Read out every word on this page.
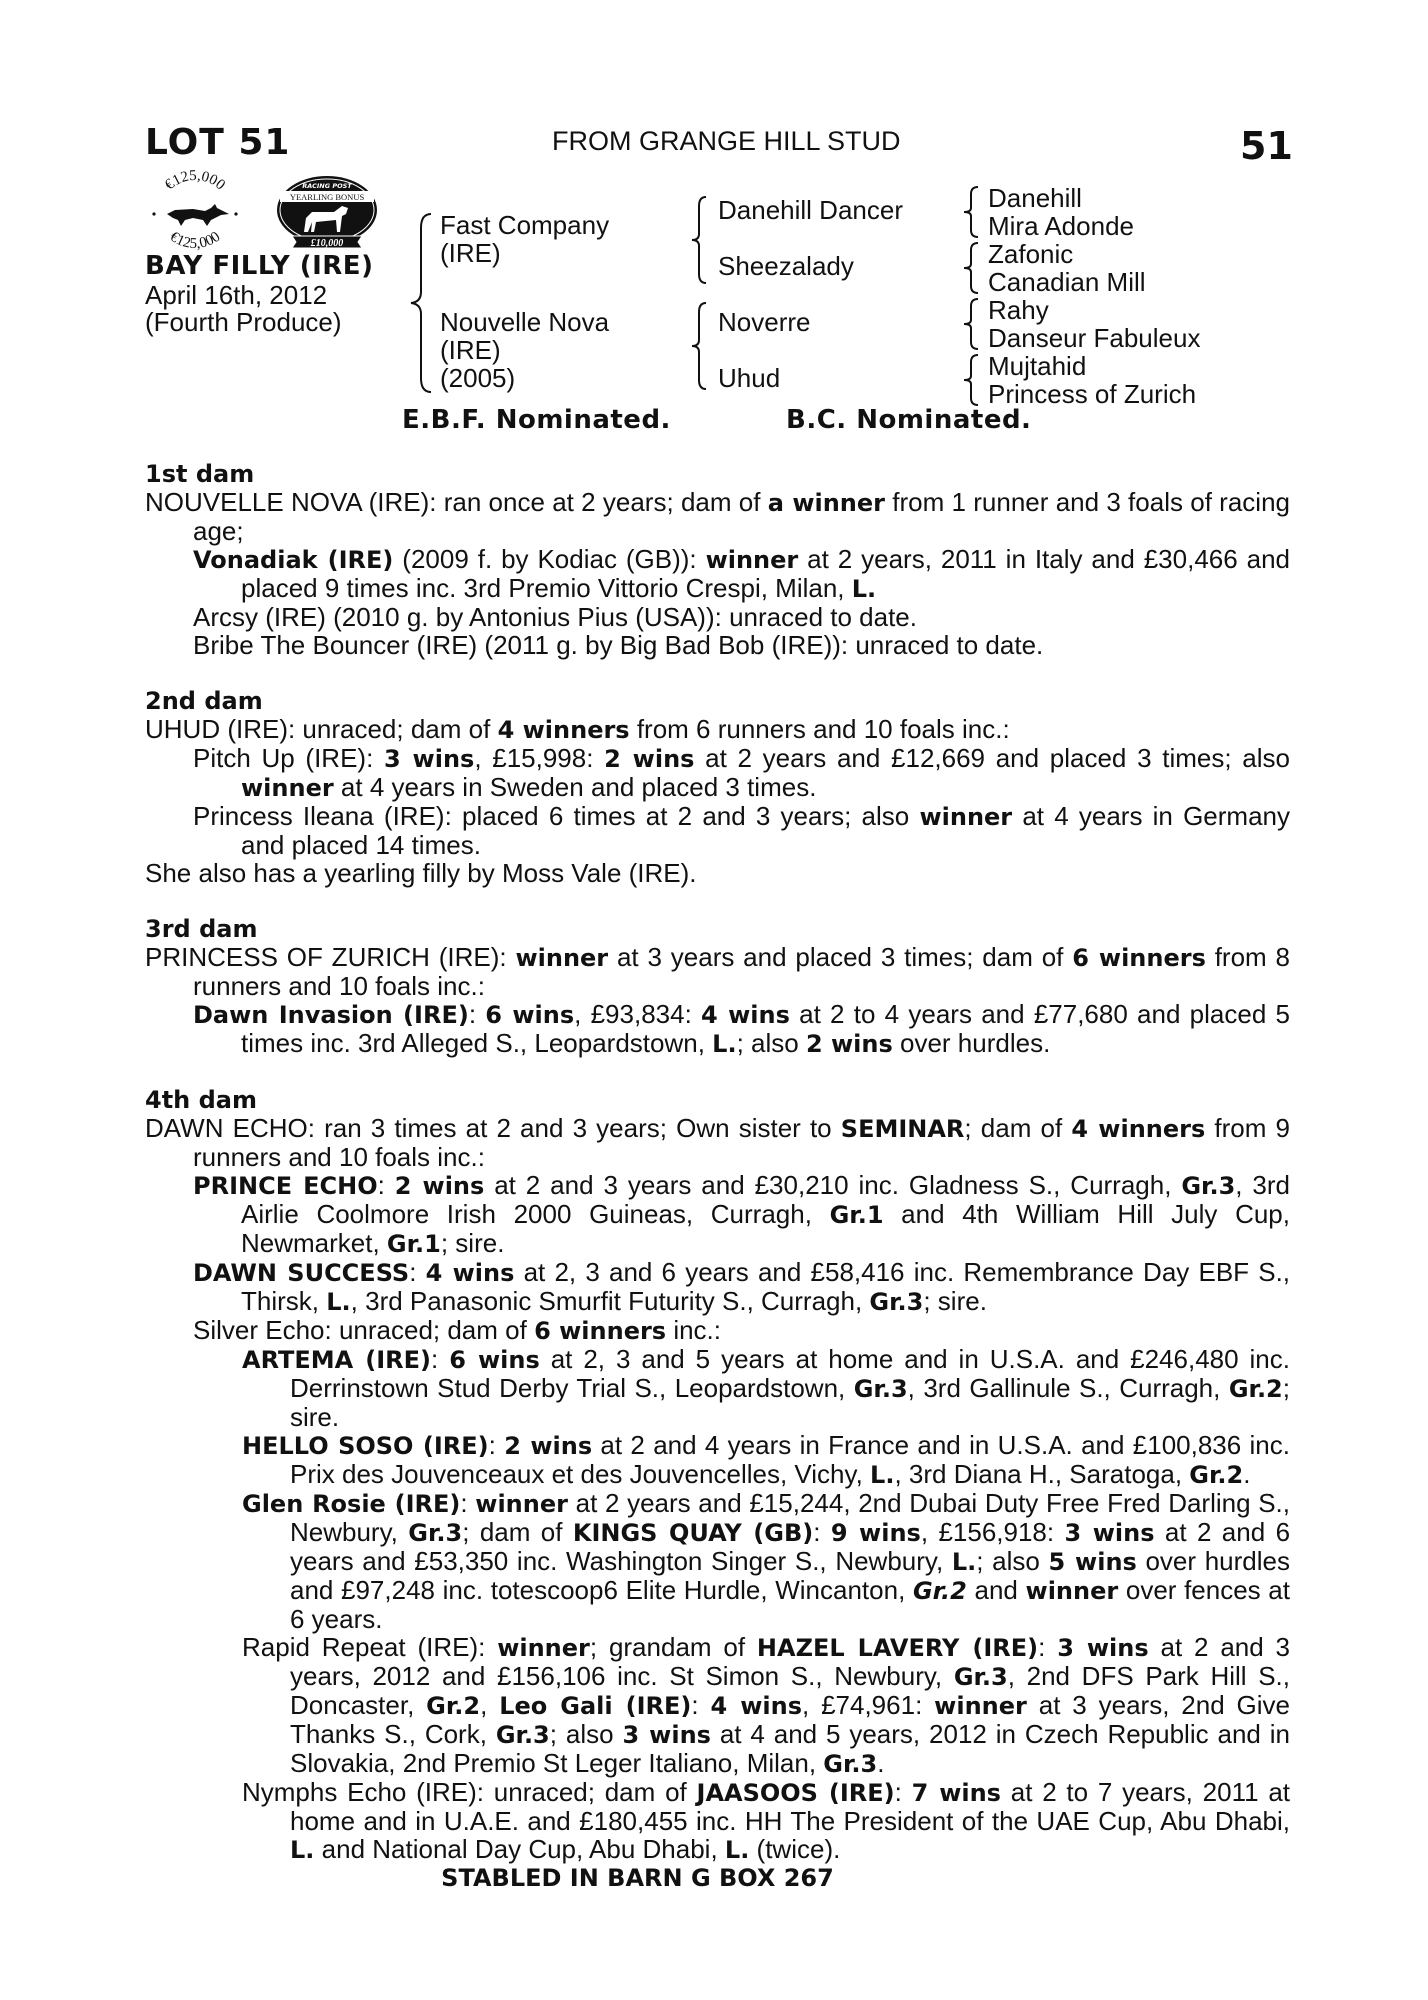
LOT 51	FROM GRANGE HILL STUD	51
€125,000
€125,000
RACING POST
YEARLING BONUS
£10,000
BAY FILLY (IRE)
April 16th, 2012
(Fourth Produce)
Fast Company
(IRE)
Nouvelle Nova
(IRE)
(2005)
Danehill Dancer
Sheezalady
Noverre
Uhud
Danehill
Mira Adonde
Zafonic
Canadian Mill
Rahy
Danseur Fabuleux
Mujtahid
Princess of Zurich
E.B.F. Nominated.	B.C. Nominated.
1st dam
NOUVELLE NOVA (IRE): ran once at 2 years; dam of a winner from 1 runner and 3 foals of racing age;
Vonadiak (IRE) (2009 f. by Kodiac (GB)): winner at 2 years, 2011 in Italy and £30,466 and placed 9 times inc. 3rd Premio Vittorio Crespi, Milan, L.
Arcsy (IRE) (2010 g. by Antonius Pius (USA)): unraced to date.
Bribe The Bouncer (IRE) (2011 g. by Big Bad Bob (IRE)): unraced to date.
2nd dam
UHUD (IRE): unraced; dam of 4 winners from 6 runners and 10 foals inc.:
Pitch Up (IRE): 3 wins, £15,998: 2 wins at 2 years and £12,669 and placed 3 times; also winner at 4 years in Sweden and placed 3 times.
Princess Ileana (IRE): placed 6 times at 2 and 3 years; also winner at 4 years in Germany and placed 14 times.
She also has a yearling filly by Moss Vale (IRE).
3rd dam
PRINCESS OF ZURICH (IRE): winner at 3 years and placed 3 times; dam of 6 winners from 8 runners and 10 foals inc.:
Dawn Invasion (IRE): 6 wins, £93,834: 4 wins at 2 to 4 years and £77,680 and placed 5 times inc. 3rd Alleged S., Leopardstown, L.; also 2 wins over hurdles.
4th dam
DAWN ECHO: ran 3 times at 2 and 3 years; Own sister to SEMINAR; dam of 4 winners from 9 runners and 10 foals inc.:
PRINCE ECHO: 2 wins at 2 and 3 years and £30,210 inc. Gladness S., Curragh, Gr.3, 3rd Airlie Coolmore Irish 2000 Guineas, Curragh, Gr.1 and 4th William Hill July Cup, Newmarket, Gr.1; sire.
DAWN SUCCESS: 4 wins at 2, 3 and 6 years and £58,416 inc. Remembrance Day EBF S., Thirsk, L., 3rd Panasonic Smurfit Futurity S., Curragh, Gr.3; sire.
Silver Echo: unraced; dam of 6 winners inc.:
ARTEMA (IRE): 6 wins at 2, 3 and 5 years at home and in U.S.A. and £246,480 inc. Derrinstown Stud Derby Trial S., Leopardstown, Gr.3, 3rd Gallinule S., Curragh, Gr.2; sire.
HELLO SOSO (IRE): 2 wins at 2 and 4 years in France and in U.S.A. and £100,836 inc. Prix des Jouvenceaux et des Jouvencelles, Vichy, L., 3rd Diana H., Saratoga, Gr.2.
Glen Rosie (IRE): winner at 2 years and £15,244, 2nd Dubai Duty Free Fred Darling S., Newbury, Gr.3; dam of KINGS QUAY (GB): 9 wins, £156,918: 3 wins at 2 and 6 years and £53,350 inc. Washington Singer S., Newbury, L.; also 5 wins over hurdles and £97,248 inc. totescoop6 Elite Hurdle, Wincanton, Gr.2 and winner over fences at 6 years.
Rapid Repeat (IRE): winner; grandam of HAZEL LAVERY (IRE): 3 wins at 2 and 3 years, 2012 and £156,106 inc. St Simon S., Newbury, Gr.3, 2nd DFS Park Hill S., Doncaster, Gr.2, Leo Gali (IRE): 4 wins, £74,961: winner at 3 years, 2nd Give Thanks S., Cork, Gr.3; also 3 wins at 4 and 5 years, 2012 in Czech Republic and in Slovakia, 2nd Premio St Leger Italiano, Milan, Gr.3.
Nymphs Echo (IRE): unraced; dam of JAASOOS (IRE): 7 wins at 2 to 7 years, 2011 at home and in U.A.E. and £180,455 inc. HH The President of the UAE Cup, Abu Dhabi, L. and National Day Cup, Abu Dhabi, L. (twice).
STABLED IN BARN G BOX 267
